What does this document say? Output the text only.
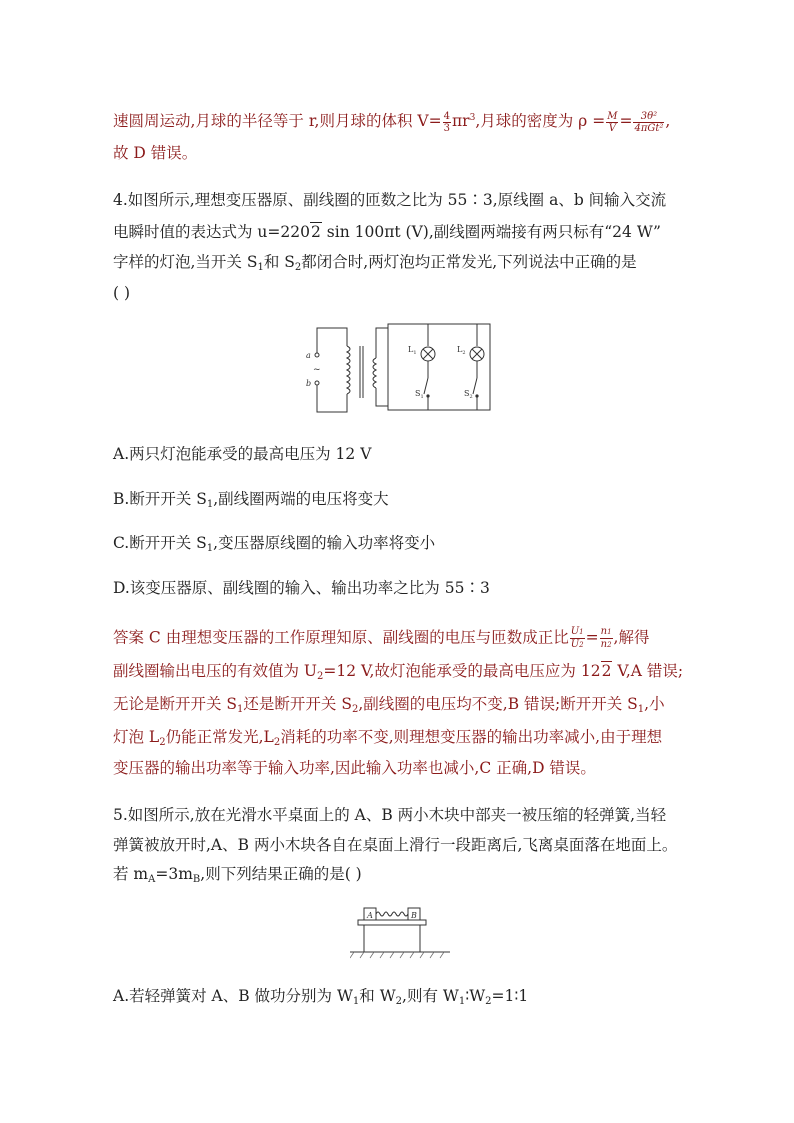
速圆周运动,月球的半径等于 r,则月球的体积 $V= \frac{4}{3} \pi r^3$,月球的密度为 $\rho = \frac{M}{V} = \frac{\text{3θ²}}{\text{4πGt²}}$ ,
故 D 错误。
4.如图所示,理想变压器原、副线圈的匝数之比为 55∶3,原线圈 a、b 间输入交流
电瞬时值的表达式为 u=2202 sin 100πt (V),副线圈两端接有两只标有“24 W”
字样的灯泡,当开关 $S_1$和 $S_2$都闭合时,两灯泡均正常发光,下列说法中正确的是
( )
a
~
b
$L_1$	$L_2$
$S_1$	$S_2$
A.两只灯泡能承受的最高电压为 12 V
B.断开开关 $S_1$,副线圈两端的电压将变大
C.断开开关 $S_1$,变压器原线圈的输入功率将变小
D.该变压器原、副线圈的输入、输出功率之比为 55∶3
答案 C 由理想变压器的工作原理知原、副线圈的电压与匝数成正比 $\frac{U1}{U2} = \frac{n1}{n2}$ ,解得
副线圈输出电压的有效值为 $U_2=12$ V,故灯泡能承受的最高电压应为 122 V,A 错误;
无论是断开开关 $S_1$还是断开开关 $S_2$,副线圈的电压均不变,B 错误;断开开关 $S_1$,小
灯泡 $L_2$仍能正常发光$,L_2$消耗的功率不变,则理想变压器的输出功率减小,由于理想
变压器的输出功率等于输入功率,因此输入功率也减小,C 正确,D 错误。
5.如图所示,放在光滑水平桌面上的 A、B 两小木块中部夹一被压缩的轻弹簧,当轻
弹簧被放开时,A、B 两小木块各自在桌面上滑行一段距离后,飞离桌面落在地面上。
若 $m_A=3m_B$,则下列结果正确的是( )
A	B
A.若轻弹簧对 A、B 做功分别为 $W_1$和 $W_2$,则有 $W_1∶W_2=1∶1$
